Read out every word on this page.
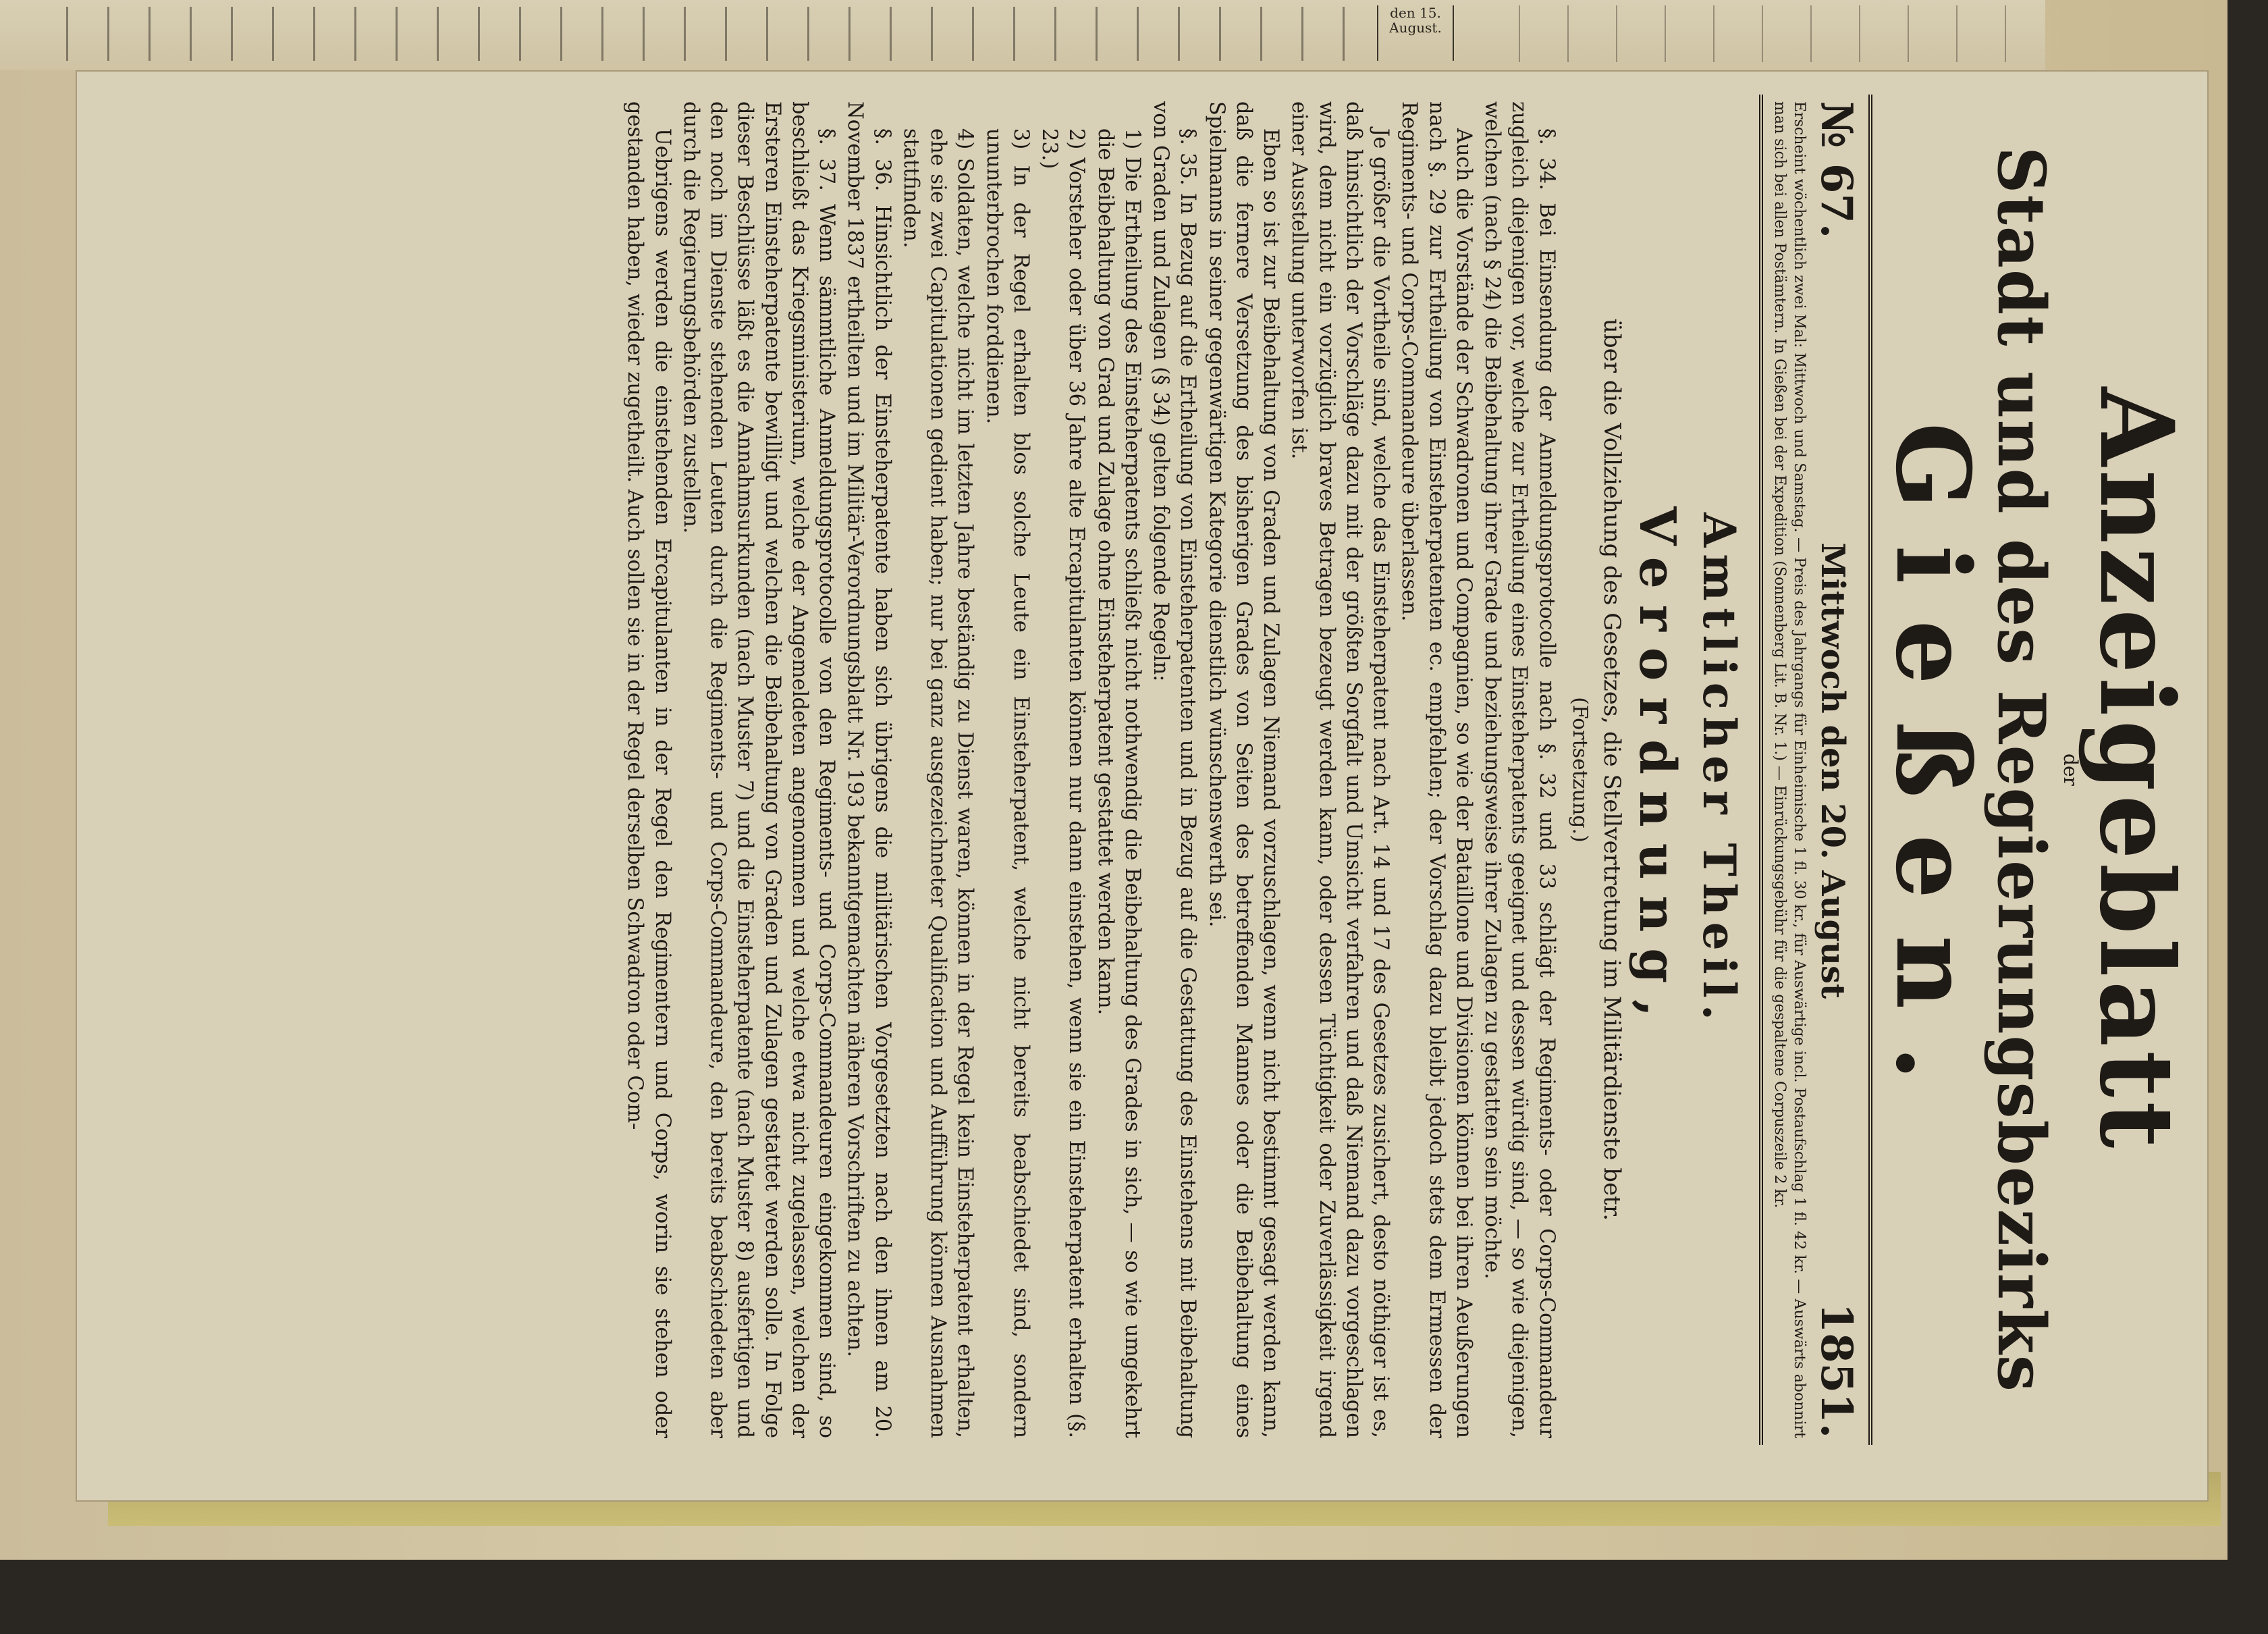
den 15. August.
Anzeigeblatt
der
Stadt und des Regierungsbezirks
Gießen.
№ 67.
Mittwoch den 20. August
1851.
Erscheint wöchentlich zwei Mal: Mittwoch und Samstag. — Preis des Jahrgangs für Einheimische 1 fl. 30 kr., für Auswärtige incl. Postaufschlag 1 fl. 42 kr. — Auswärts abonnirt man sich bei allen Postämtern. In Gießen bei der Expedition (Sonnenberg Lit. B. Nr. 1.) — Einrückungsgebühr für die gespaltene Corpuszeile 2 kr.
Amtlicher Theil.
Verordnung,
über die Vollziehung des Gesetzes, die Stellvertretung im Militärdienste betr.
(Fortsetzung.)

§. 34. Bei Einsendung der Anmeldungsprotocolle nach §. 32 und 33 schlägt der Regiments- oder Corps-Commandeur zugleich diejenigen vor, welche zur Ertheilung eines Einsteherpatents geeignet und dessen würdig sind, — so wie diejenigen, welchen (nach § 24) die Beibehaltung ihrer Grade und beziehungsweise ihrer Zulagen zu gestatten sein möchte.

Auch die Vorstände der Schwadronen und Compagnien, so wie der Bataillone und Divisionen können bei ihren Aeußerungen nach §. 29 zur Ertheilung von Einsteherpatenten ec. empfehlen; der Vorschlag dazu bleibt jedoch stets dem Ermessen der Regiments- und Corps-Commandeure überlassen.

Je größer die Vortheile sind, welche das Einsteherpatent nach Art. 14 und 17 des Gesetzes zusichert, desto nöthiger ist es, daß hinsichtlich der Vorschläge dazu mit der größten Sorgfalt und Umsicht verfahren und daß Niemand dazu vorgeschlagen wird, dem nicht ein vorzüglich braves Betragen bezeugt werden kann, oder dessen Tüchtigkeit oder Zuverlässigkeit irgend einer Ausstellung unterworfen ist.

Eben so ist zur Beibehaltung von Graden und Zulagen Niemand vorzuschlagen, wenn nicht bestimmt gesagt werden kann, daß die fernere Versetzung des bisherigen Grades von Seiten des betreffenden Mannes oder die Beibehaltung eines Spielmanns in seiner gegenwärtigen Kategorie dienstlich wünschenswerth sei.

§. 35. In Bezug auf die Ertheilung von Einsteherpatenten und in Bezug auf die Gestattung des Einstehens mit Beibehaltung von Graden und Zulagen (§ 34) gelten folgende Regeln:

1) Die Ertheilung des Einsteherpatents schließt nicht nothwendig die Beibehaltung des Grades in sich, — so wie umgekehrt die Beibehaltung von Grad und Zulage ohne Einsteherpatent gestattet werden kann.

2) Vorsteher oder über 36 Jahre alte Ercapitulanten können nur dann einstehen, wenn sie ein Einsteherpatent erhalten (§. 23.)

3) In der Regel erhalten blos solche Leute ein Einsteherpatent, welche nicht bereits beabschiedet sind, sondern ununterbrochen forddienen.

4) Soldaten, welche nicht im letzten Jahre beständig zu Dienst waren, können in der Regel kein Einsteherpatent erhalten, ehe sie zwei Capitulationen gedient haben; nur bei ganz ausgezeichneter Qualification und Aufführung können Ausnahmen stattfinden.

§. 36. Hinsichtlich der Einsteherpatente haben sich übrigens die militärischen Vorgesetzten nach den ihnen am 20. November 1837 ertheilten und im Militär-Verordnungsblatt Nr. 193 bekanntgemachten näheren Vorschriften zu achten.

§. 37. Wenn sämmtliche Anmeldungsprotocolle von den Regiments- und Corps-Commandeuren eingekommen sind, so beschließt das Kriegsministerium, welche der Angemeldeten angenommen und welche etwa nicht zugelassen, welchen der Ersteren Einsteherpatente bewilligt und welchen die Beibehaltung von Graden und Zulagen gestattet werden solle. In Folge dieser Beschlüsse läßt es die Annahmsurkunden (nach Muster 7) und die Einsteherpatente (nach Muster 8) ausfertigen und den noch im Dienste stehenden Leuten durch die Regiments- und Corps-Commandeure, den bereits beabschiedeten aber durch die Regierungsbehörden zustellen.

Uebrigens werden die einstehenden Ercapitulanten in der Regel den Regimentern und Corps, worin sie stehen oder gestanden haben, wieder zugetheilt. Auch sollen sie in der Regel derselben Schwadron oder Com-
